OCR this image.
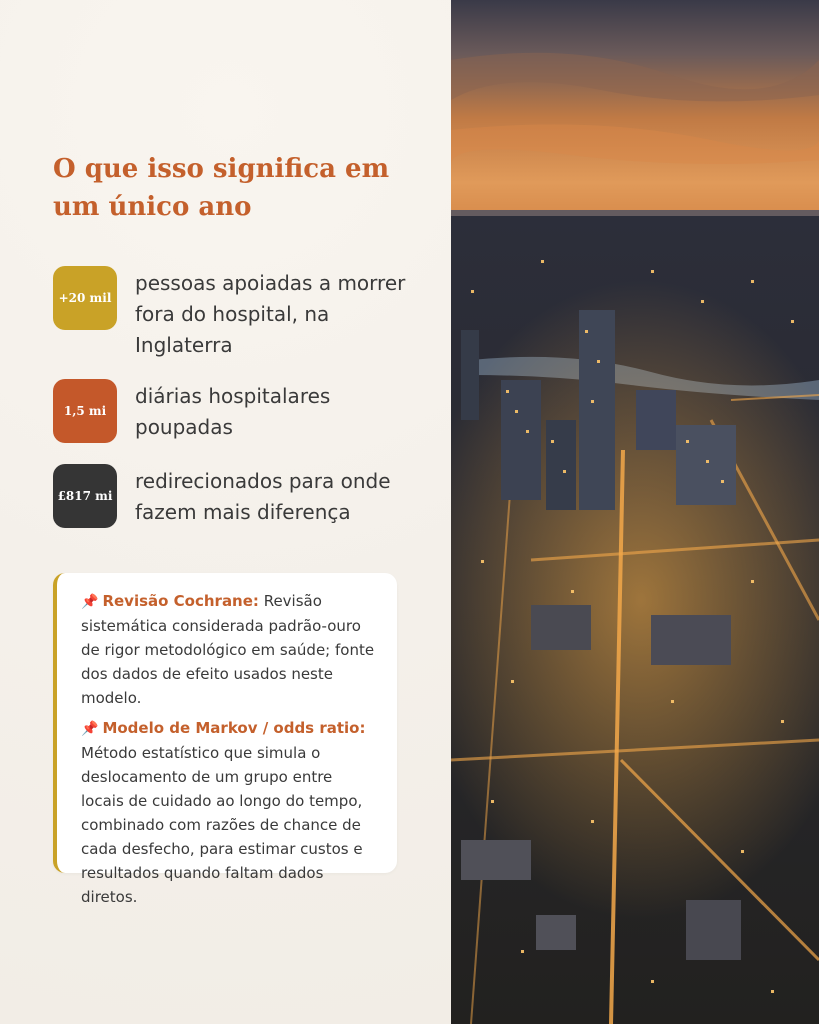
O que isso significa em um único ano
+20 mil
pessoas apoiadas a morrer fora do hospital, na Inglaterra
1,5 mi
diárias hospitalares poupadas
£817 mi
redirecionados para onde fazem mais diferença

📌 Revisão Cochrane: Revisão sistemática considerada padrão-ouro de rigor metodológico em saúde; fonte dos dados de efeito usados neste modelo.

📌 Modelo de Markov / odds ratio: Método estatístico que simula o deslocamento de um grupo entre locais de cuidado ao longo do tempo, combinado com razões de chance de cada desfecho, para estimar custos e resultados quando faltam dados diretos.
